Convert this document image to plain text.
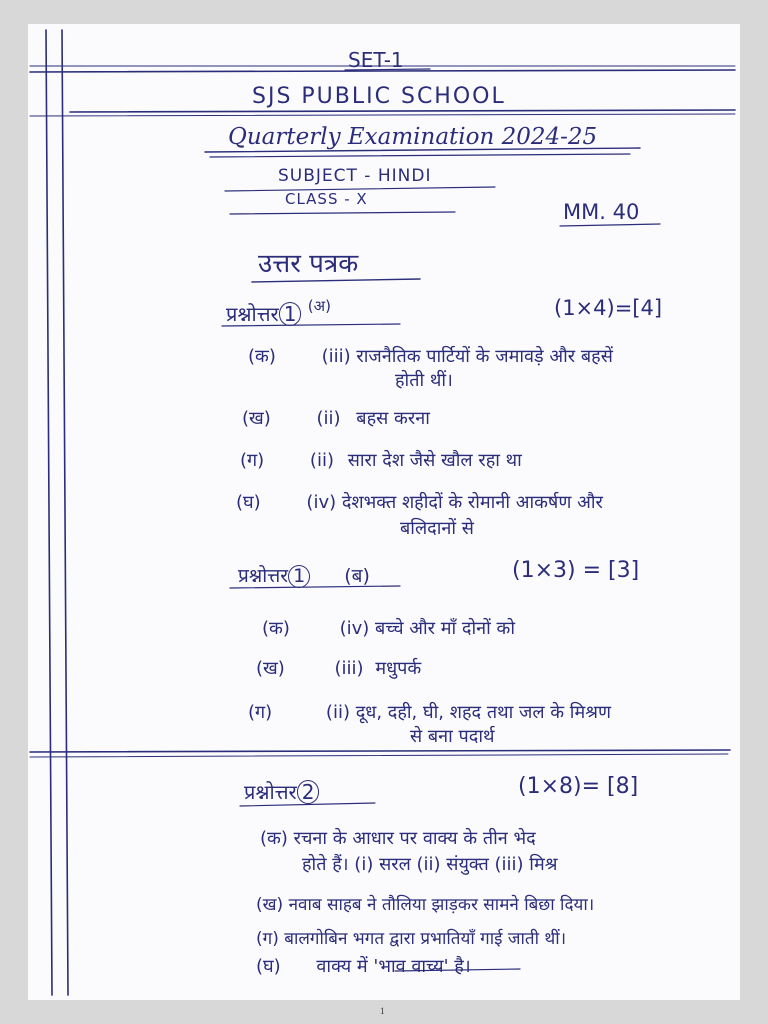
SET-1
SJS PUBLIC SCHOOL
Quarterly Examination 2024-25
SUBJECT - HINDI
CLASS - X
MM. 40
उत्तर पत्रक
प्रश्नोत्तर 1 $^{(अ)}$	(1×4)=[4]
(क)	(iii) राजनैतिक पार्टियों के जमावड़े और बहसें
होती थीं।
(ख)	(ii) बहस करना
(ग)	(ii) सारा देश जैसे खौल रहा था
(घ)	(iv) देशभक्त शहीदों के रोमानी आकर्षण और
बलिदानों से
प्रश्नोत्तर 1 (ब)	(1×3) = [3]
(क)	(iv) बच्चे और माँ दोनों को
(ख)	(iii) मधुपर्क
(ग)	(ii) दूध, दही, घी, शहद तथा जल के मिश्रण
से बना पदार्थ
प्रश्नोत्तर 2	(1×8)= [8]
(क) रचना के आधार पर वाक्य के तीन भेद
होते हैं। (i) सरल (ii) संयुक्त (iii) मिश्र
(ख) नवाब साहब ने तौलिया झाड़कर सामने बिछा दिया।
(ग) बालगोबिन भगत द्वारा प्रभातियाँ गाई जाती थीं।
(घ) वाक्य में 'भाव वाच्य' है।
1
